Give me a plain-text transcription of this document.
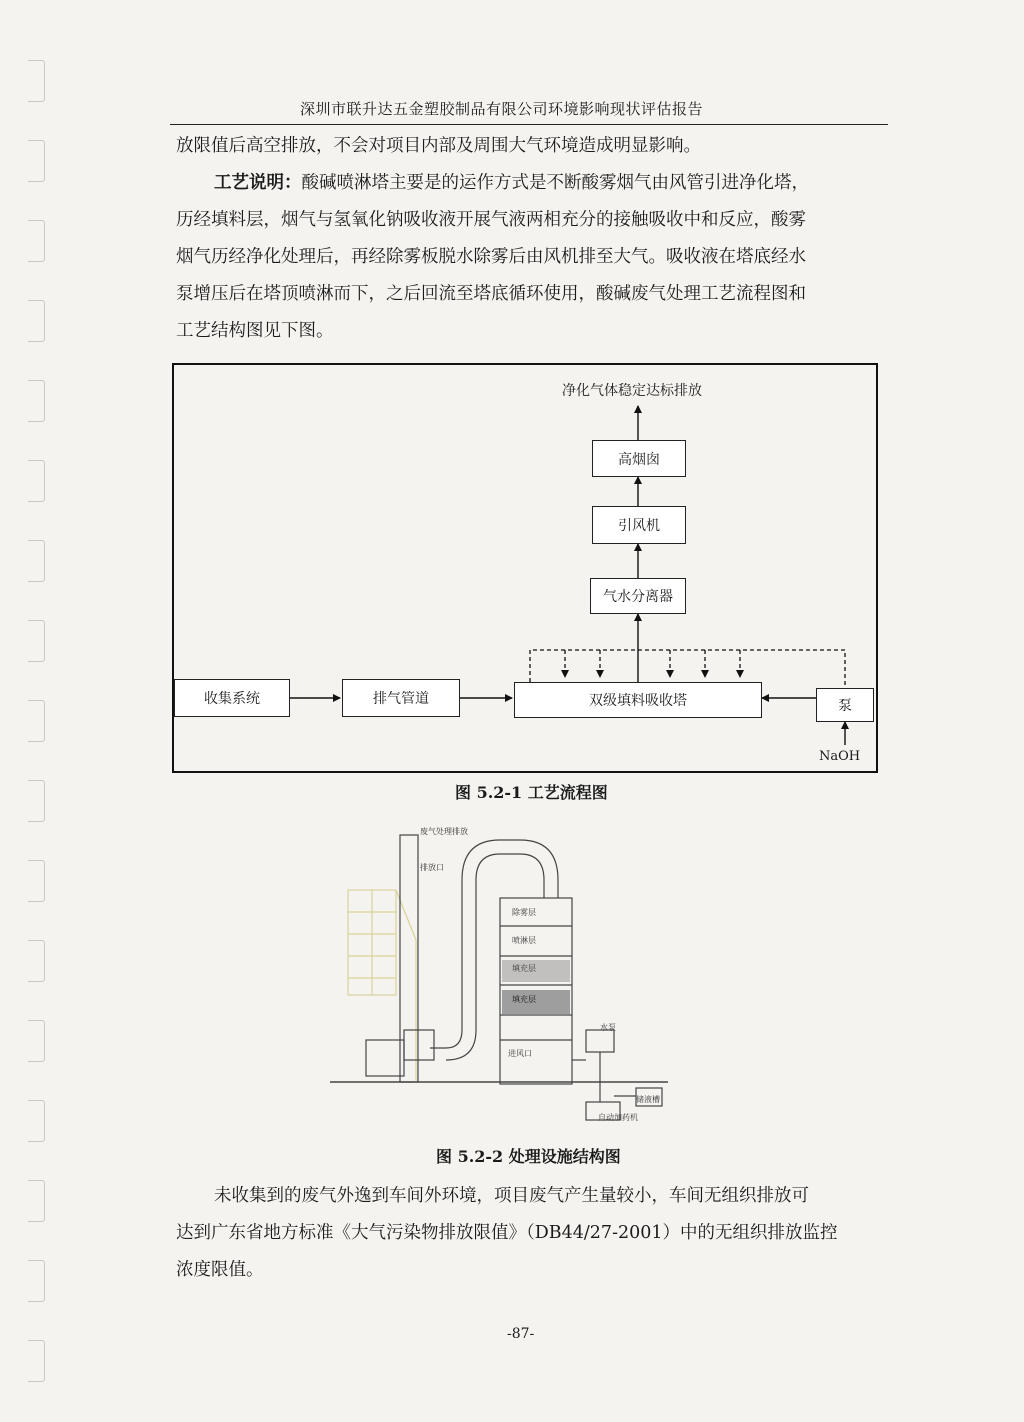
深圳市联升达五金塑胶制品有限公司环境影响现状评估报告
放限值后高空排放，不会对项目内部及周围大气环境造成明显影响。
工艺说明：酸碱喷淋塔主要是的运作方式是不断酸雾烟气由风管引进净化塔，
历经填料层，烟气与氢氧化钠吸收液开展气液两相充分的接触吸收中和反应，酸雾
烟气历经净化处理后，再经除雾板脱水除雾后由风机排至大气。吸收液在塔底经水
泵增压后在塔顶喷淋而下，之后回流至塔底循环使用，酸碱废气处理工艺流程图和
工艺结构图见下图。
净化气体稳定达标排放
高烟囱
引风机
气水分离器
收集系统	排气管道	双级填料吸收塔	泵
NaOH
图 5.2-1 工艺流程图
废气处理排放
排放口
除雾层
喷淋层
填充层
填充层
进风口
水泵
自动加药机
储液槽
图 5.2-2 处理设施结构图
未收集到的废气外逸到车间外环境，项目废气产生量较小，车间无组织排放可
达到广东省地方标准《大气污染物排放限值》（DB44/27-2001）中的无组织排放监控
浓度限值。
-87-
